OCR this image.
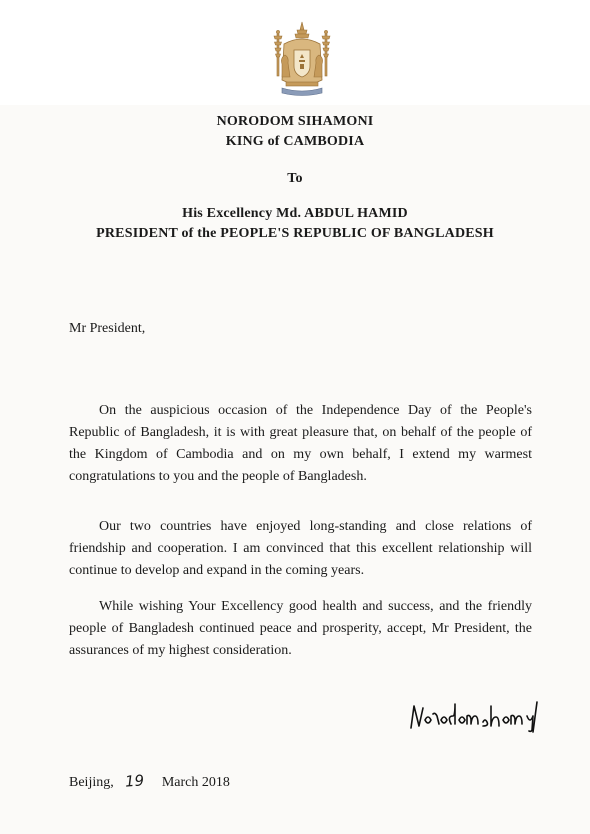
NORODOM SIHAMONI
KING of CAMBODIA
To
His Excellency Md. ABDUL HAMID
PRESIDENT of the PEOPLE'S REPUBLIC OF BANGLADESH
Mr President,

On the auspicious occasion of the Independence Day of the People's Republic of Bangladesh, it is with great pleasure that, on behalf of the people of the Kingdom of Cambodia and on my own behalf, I extend my warmest congratulations to you and the people of Bangladesh.

Our two countries have enjoyed long-standing and close relations of friendship and cooperation. I am convinced that this excellent relationship will continue to develop and expand in the coming years.

While wishing Your Excellency good health and success, and the friendly people of Bangladesh continued peace and prosperity, accept, Mr President, the assurances of my highest consideration.

Beijing, 19 March 2018
